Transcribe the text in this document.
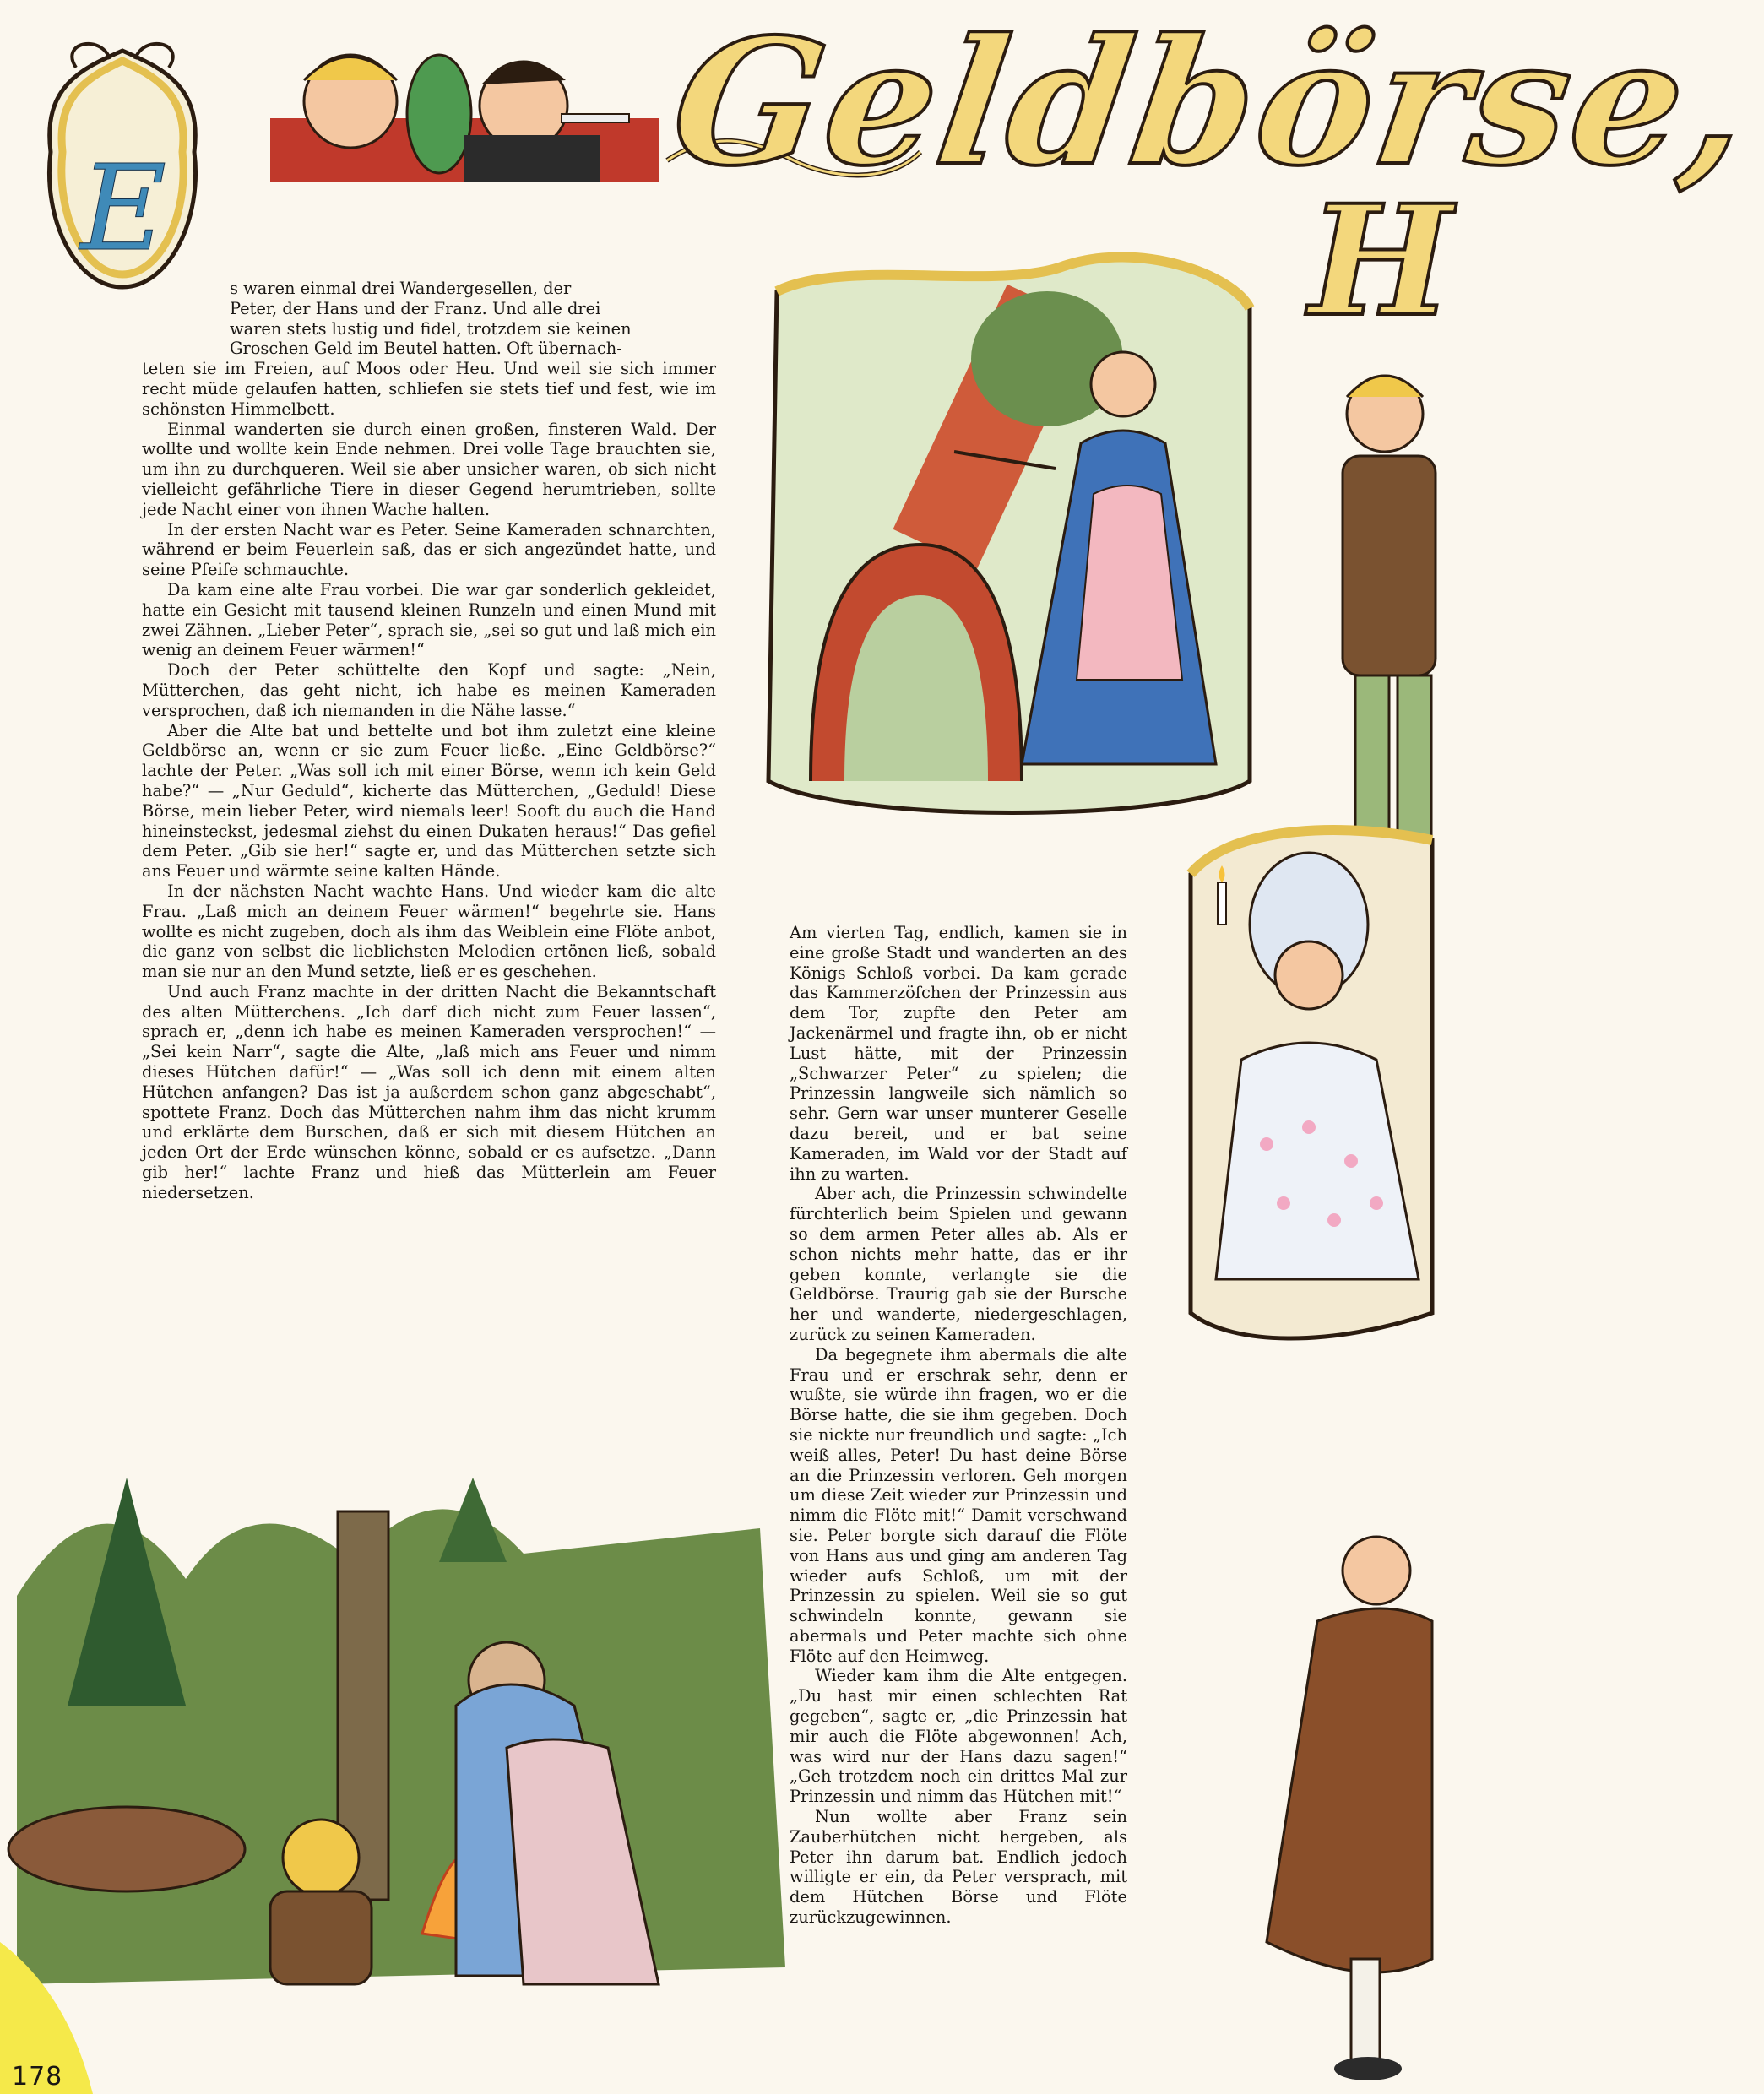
Geldbörse,
H
E

s waren einmal drei Wandergesellen, der

Peter, der Hans und der Franz. Und alle drei

waren stets lustig und fidel, trotzdem sie keinen

Groschen Geld im Beutel hatten. Oft übernach-

teten sie im Freien, auf Moos oder Heu. Und weil sie sich immer recht müde gelaufen hatten, schliefen sie stets tief und fest, wie im schönsten Himmelbett.

Einmal wanderten sie durch einen großen, finsteren Wald. Der wollte und wollte kein Ende nehmen. Drei volle Tage brauchten sie, um ihn zu durchqueren. Weil sie aber unsicher waren, ob sich nicht vielleicht gefährliche Tiere in dieser Gegend herumtrieben, sollte jede Nacht einer von ihnen Wache halten.

In der ersten Nacht war es Peter. Seine Kameraden schnarchten, während er beim Feuerlein saß, das er sich angezündet hatte, und seine Pfeife schmauchte.

Da kam eine alte Frau vorbei. Die war gar sonderlich gekleidet, hatte ein Gesicht mit tausend kleinen Runzeln und einen Mund mit zwei Zähnen. „Lieber Peter“, sprach sie, „sei so gut und laß mich ein wenig an deinem Feuer wärmen!“

Doch der Peter schüttelte den Kopf und sagte: „Nein, Mütterchen, das geht nicht, ich habe es meinen Kameraden versprochen, daß ich niemanden in die Nähe lasse.“

Aber die Alte bat und bettelte und bot ihm zuletzt eine kleine Geldbörse an, wenn er sie zum Feuer ließe. „Eine Geldbörse?“ lachte der Peter. „Was soll ich mit einer Börse, wenn ich kein Geld habe?“ — „Nur Geduld“, kicherte das Mütterchen, „Geduld! Diese Börse, mein lieber Peter, wird niemals leer! Sooft du auch die Hand hineinsteckst, jedesmal ziehst du einen Dukaten heraus!“ Das gefiel dem Peter. „Gib sie her!“ sagte er, und das Mütterchen setzte sich ans Feuer und wärmte seine kalten Hände.

In der nächsten Nacht wachte Hans. Und wieder kam die alte Frau. „Laß mich an deinem Feuer wärmen!“ begehrte sie. Hans wollte es nicht zugeben, doch als ihm das Weiblein eine Flöte anbot, die ganz von selbst die lieblichsten Melodien ertönen ließ, sobald man sie nur an den Mund setzte, ließ er es geschehen.

Und auch Franz machte in der dritten Nacht die Bekanntschaft des alten Mütterchens. „Ich darf dich nicht zum Feuer lassen“, sprach er, „denn ich habe es meinen Kameraden versprochen!“ — „Sei kein Narr“, sagte die Alte, „laß mich ans Feuer und nimm dieses Hütchen dafür!“ — „Was soll ich denn mit einem alten Hütchen anfangen? Das ist ja außerdem schon ganz abgeschabt“, spottete Franz. Doch das Mütterchen nahm ihm das nicht krumm und erklärte dem Burschen, daß er sich mit diesem Hütchen an jeden Ort der Erde wünschen könne, sobald er es aufsetze. „Dann gib her!“ lachte Franz und hieß das Mütterlein am Feuer niedersetzen.

Am vierten Tag, endlich, kamen sie in eine große Stadt und wanderten an des Königs Schloß vorbei. Da kam gerade das Kammerzöfchen der Prinzessin aus dem Tor, zupfte den Peter am Jackenärmel und fragte ihn, ob er nicht Lust hätte, mit der Prinzessin „Schwarzer Peter“ zu spielen; die Prinzessin langweile sich nämlich so sehr. Gern war unser munterer Geselle dazu bereit, und er bat seine Kameraden, im Wald vor der Stadt auf ihn zu warten.

Aber ach, die Prinzessin schwindelte fürchterlich beim Spielen und gewann so dem armen Peter alles ab. Als er schon nichts mehr hatte, das er ihr geben konnte, verlangte sie die Geldbörse. Traurig gab sie der Bursche her und wanderte, niedergeschlagen, zurück zu seinen Kameraden.

Da begegnete ihm abermals die alte Frau und er erschrak sehr, denn er wußte, sie würde ihn fragen, wo er die Börse hatte, die sie ihm gegeben. Doch sie nickte nur freundlich und sagte: „Ich weiß alles, Peter! Du hast deine Börse an die Prinzessin verloren. Geh morgen um diese Zeit wieder zur Prinzessin und nimm die Flöte mit!“ Damit verschwand sie. Peter borgte sich darauf die Flöte von Hans aus und ging am anderen Tag wieder aufs Schloß, um mit der Prinzessin zu spielen. Weil sie so gut schwindeln konnte, gewann sie abermals und Peter machte sich ohne Flöte auf den Heimweg.

Wieder kam ihm die Alte entgegen. „Du hast mir einen schlechten Rat gegeben“, sagte er, „die Prinzessin hat mir auch die Flöte abgewonnen! Ach, was wird nur der Hans dazu sagen!“ „Geh trotzdem noch ein drittes Mal zur Prinzessin und nimm das Hütchen mit!“

Nun wollte aber Franz sein Zauberhütchen nicht hergeben, als Peter ihn darum bat. Endlich jedoch willigte er ein, da Peter versprach, mit dem Hütchen Börse und Flöte zurückzugewinnen.

178
